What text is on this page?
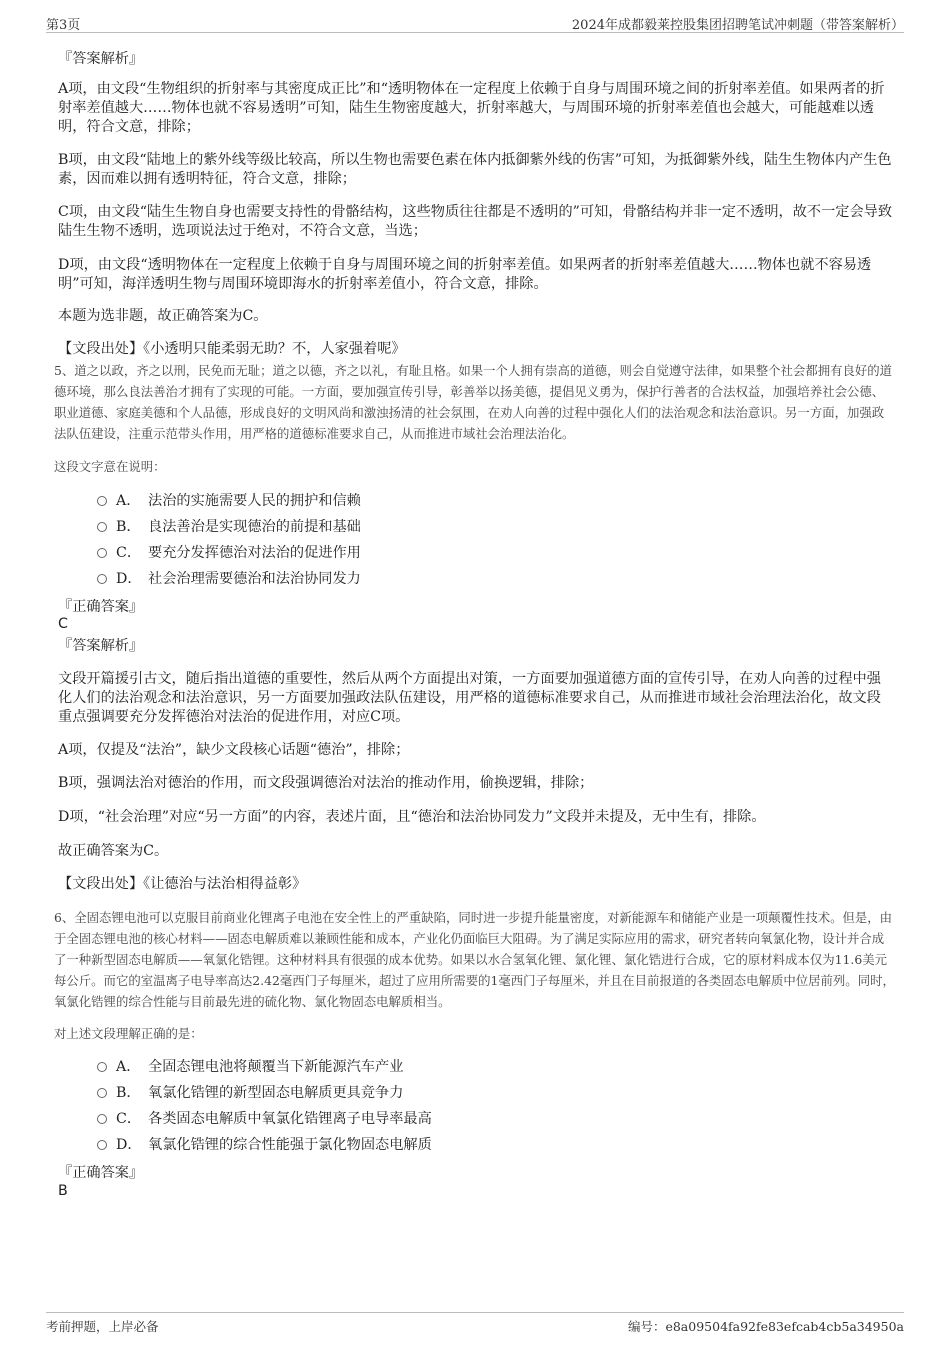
第3页	2024年成都毅莱控股集团招聘笔试冲刺题（带答案解析）
『答案解析』
A项，由文段“生物组织的折射率与其密度成正比”和“透明物体在一定程度上依赖于自身与周围环境之间的折射率差值。如果两者的折射率差值越大……物体也就不容易透明”可知，陆生生物密度越大，折射率越大，与周围环境的折射率差值也会越大，可能越难以透明，符合文意，排除；
B项，由文段“陆地上的紫外线等级比较高，所以生物也需要色素在体内抵御紫外线的伤害”可知，为抵御紫外线，陆生生物体内产生色素，因而难以拥有透明特征，符合文意，排除；
C项，由文段“陆生生物自身也需要支持性的骨骼结构，这些物质往往都是不透明的”可知，骨骼结构并非一定不透明，故不一定会导致陆生生物不透明，选项说法过于绝对，不符合文意，当选；
D项，由文段“透明物体在一定程度上依赖于自身与周围环境之间的折射率差值。如果两者的折射率差值越大……物体也就不容易透明”可知，海洋透明生物与周围环境即海水的折射率差值小，符合文意，排除。
本题为选非题，故正确答案为C。
【文段出处】《小透明只能柔弱无助？不，人家强着呢》
5、道之以政，齐之以刑，民免而无耻；道之以德，齐之以礼，有耻且格。如果一个人拥有崇高的道德，则会自觉遵守法律，如果整个社会都拥有良好的道德环境，那么良法善治才拥有了实现的可能。一方面，要加强宣传引导，彰善举以扬美德，提倡见义勇为，保护行善者的合法权益，加强培养社会公德、职业道德、家庭美德和个人品德，形成良好的文明风尚和激浊扬清的社会氛围，在劝人向善的过程中强化人们的法治观念和法治意识。另一方面，加强政法队伍建设，注重示范带头作用，用严格的道德标准要求自己，从而推进市域社会治理法治化。
这段文字意在说明：
A． 法治的实施需要人民的拥护和信赖
B． 良法善治是实现德治的前提和基础
C． 要充分发挥德治对法治的促进作用
D． 社会治理需要德治和法治协同发力
『正确答案』
C
『答案解析』
文段开篇援引古文，随后指出道德的重要性，然后从两个方面提出对策，一方面要加强道德方面的宣传引导，在劝人向善的过程中强化人们的法治观念和法治意识，另一方面要加强政法队伍建设，用严格的道德标准要求自己，从而推进市域社会治理法治化，故文段重点强调要充分发挥德治对法治的促进作用，对应C项。
A项，仅提及“法治”，缺少文段核心话题“德治”，排除；
B项，强调法治对德治的作用，而文段强调德治对法治的推动作用，偷换逻辑，排除；
D项，“社会治理”对应“另一方面”的内容，表述片面，且“德治和法治协同发力”文段并未提及，无中生有，排除。
故正确答案为C。
【文段出处】《让德治与法治相得益彰》
6、全固态锂电池可以克服目前商业化锂离子电池在安全性上的严重缺陷，同时进一步提升能量密度，对新能源车和储能产业是一项颠覆性技术。但是，由于全固态锂电池的核心材料——固态电解质难以兼顾性能和成本，产业化仍面临巨大阻碍。为了满足实际应用的需求，研究者转向氧氯化物，设计并合成了一种新型固态电解质——氧氯化锆锂。这种材料具有很强的成本优势。如果以水合氢氧化锂、氯化锂、氯化锆进行合成，它的原材料成本仅为11.6美元每公斤。而它的室温离子电导率高达2.42毫西门子每厘米，超过了应用所需要的1毫西门子每厘米，并且在目前报道的各类固态电解质中位居前列。同时，氧氯化锆锂的综合性能与目前最先进的硫化物、氯化物固态电解质相当。
对上述文段理解正确的是：
A． 全固态锂电池将颠覆当下新能源汽车产业
B． 氧氯化锆锂的新型固态电解质更具竞争力
C． 各类固态电解质中氧氯化锆锂离子电导率最高
D． 氧氯化锆锂的综合性能强于氯化物固态电解质
『正确答案』
B
考前押题，上岸必备	编号：e8a09504fa92fe83efcab4cb5a34950a
